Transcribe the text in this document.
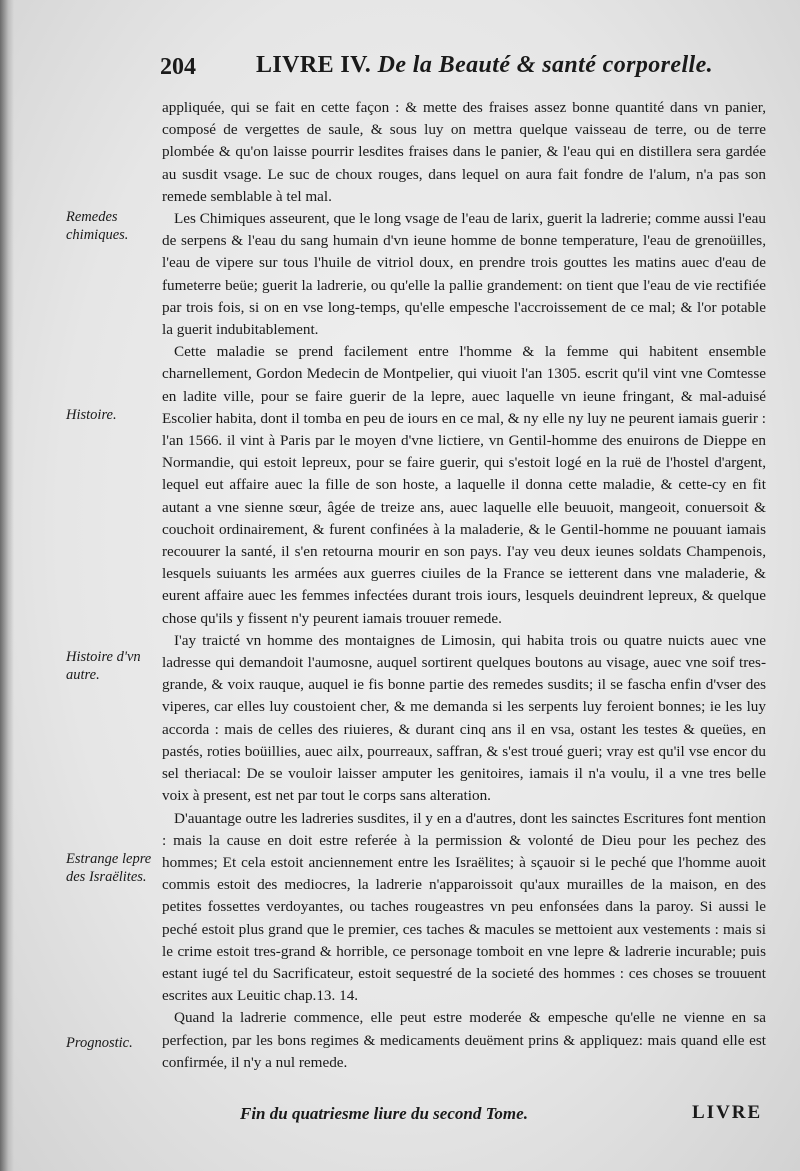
204	LIVRE IV. De la Beauté & santé corporelle.
Remedes chimiques.
Histoire.
Histoire d'vn autre.
Estrange lepre des Israëlites.
Prognostic.

appliquée, qui se fait en cette façon : & mette des fraises assez bonne quantité dans vn panier, composé de vergettes de saule, & sous luy on mettra quelque vaisseau de terre, ou de terre plombée & qu'on laisse pourrir lesdites fraises dans le panier, & l'eau qui en distillera sera gardée au susdit vsage. Le suc de choux rouges, dans lequel on aura fait fondre de l'alum, n'a pas son remede semblable à tel mal.

Les Chimiques asseurent, que le long vsage de l'eau de larix, guerit la ladrerie; comme aussi l'eau de serpens & l'eau du sang humain d'vn ieune homme de bonne temperature, l'eau de grenoüilles, l'eau de vipere sur tous l'huile de vitriol doux, en prendre trois gouttes les matins auec d'eau de fumeterre beüe; guerit la ladrerie, ou qu'elle la pallie grandement: on tient que l'eau de vie rectifiée par trois fois, si on en vse long-temps, qu'elle empesche l'accroissement de ce mal; & l'or potable la guerit indubitablement.

Cette maladie se prend facilement entre l'homme & la femme qui habitent ensemble charnellement, Gordon Medecin de Montpelier, qui viuoit l'an 1305. escrit qu'il vint vne Comtesse en ladite ville, pour se faire guerir de la lepre, auec laquelle vn ieune fringant, & mal-aduisé Escolier habita, dont il tomba en peu de iours en ce mal, & ny elle ny luy ne peurent iamais guerir : l'an 1566. il vint à Paris par le moyen d'vne lictiere, vn Gentil-homme des enuirons de Dieppe en Normandie, qui estoit lepreux, pour se faire guerir, qui s'estoit logé en la ruë de l'hostel d'argent, lequel eut affaire auec la fille de son hoste, a laquelle il donna cette maladie, & cette-cy en fit autant a vne sienne sœur, âgée de treize ans, auec laquelle elle beuuoit, mangeoit, conuersoit & couchoit ordinairement, & furent confinées à la maladerie, & le Gentil-homme ne pouuant iamais recouurer la santé, il s'en retourna mourir en son pays. I'ay veu deux ieunes soldats Champenois, lesquels suiuants les armées aux guerres ciuiles de la France se ietterent dans vne maladerie, & eurent affaire auec les femmes infectées durant trois iours, lesquels deuindrent lepreux, & quelque chose qu'ils y fissent n'y peurent iamais trouuer remede.

I'ay traicté vn homme des montaignes de Limosin, qui habita trois ou quatre nuicts auec vne ladresse qui demandoit l'aumosne, auquel sortirent quelques boutons au visage, auec vne soif tres-grande, & voix rauque, auquel ie fis bonne partie des remedes susdits; il se fascha enfin d'vser des viperes, car elles luy coustoient cher, & me demanda si les serpents luy feroient bonnes; ie les luy accorda : mais de celles des riuieres, & durant cinq ans il en vsa, ostant les testes & queües, en pastés, roties boüillies, auec ailx, pourreaux, saffran, & s'est troué gueri; vray est qu'il vse encor du sel theriacal: De se vouloir laisser amputer les genitoires, iamais il n'a voulu, il a vne tres belle voix à present, est net par tout le corps sans alteration.

D'auantage outre les ladreries susdites, il y en a d'autres, dont les sainctes Escritures font mention : mais la cause en doit estre referée à la permission & volonté de Dieu pour les pechez des hommes; Et cela estoit anciennement entre les Israëlites; à sçauoir si le peché que l'homme auoit commis estoit des mediocres, la ladrerie n'apparoissoit qu'aux murailles de la maison, en des petites fossettes verdoyantes, ou taches rougeastres vn peu enfonsées dans la paroy. Si aussi le peché estoit plus grand que le premier, ces taches & macules se mettoient aux vestements : mais si le crime estoit tres-grand & horrible, ce personage tomboit en vne lepre & ladrerie incurable; puis estant iugé tel du Sacrificateur, estoit sequestré de la societé des hommes : ces choses se trouuent escrites aux Leuitic chap.13. 14.

Quand la ladrerie commence, elle peut estre moderée & empesche qu'elle ne vienne en sa perfection, par les bons regimes & medicaments deuëment prins & appliquez: mais quand elle est confirmée, il n'y a nul remede.

Fin du quatriesme liure du second Tome.	LIVRE
